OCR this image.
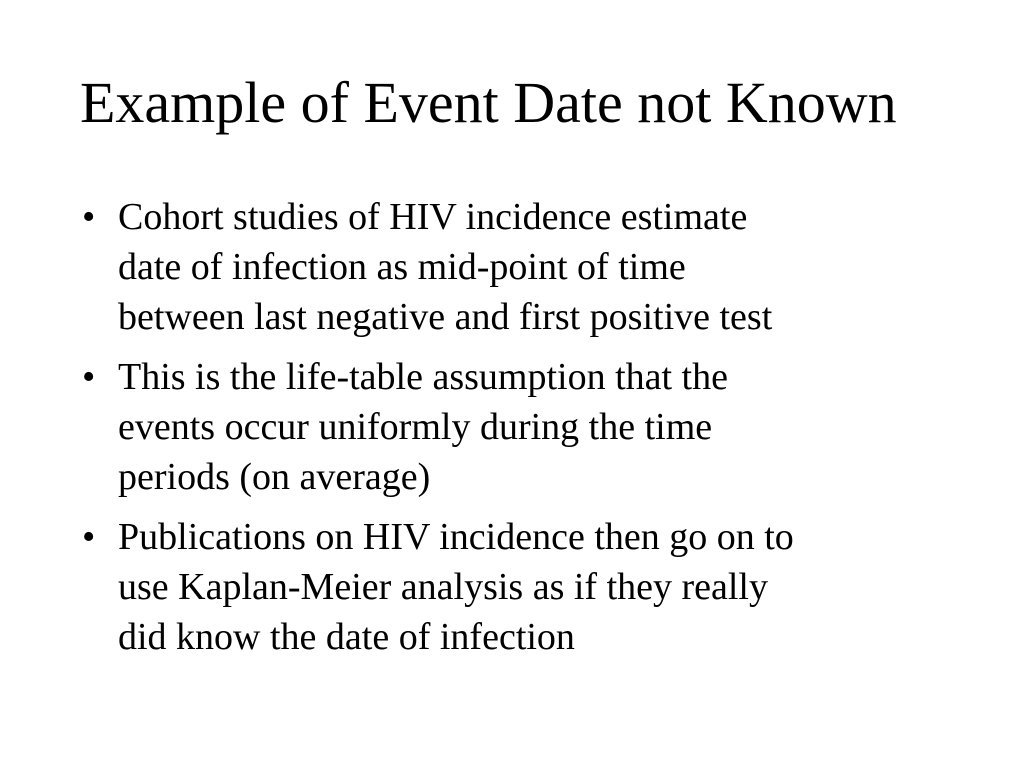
Example of Event Date not Known
• Cohort studies of HIV incidence estimate
date of infection as mid-point of time
between last negative and first positive test
• This is the life-table assumption that the
events occur uniformly during the time
periods (on average)
• Publications on HIV incidence then go on to
use Kaplan-Meier analysis as if they really
did know the date of infection
